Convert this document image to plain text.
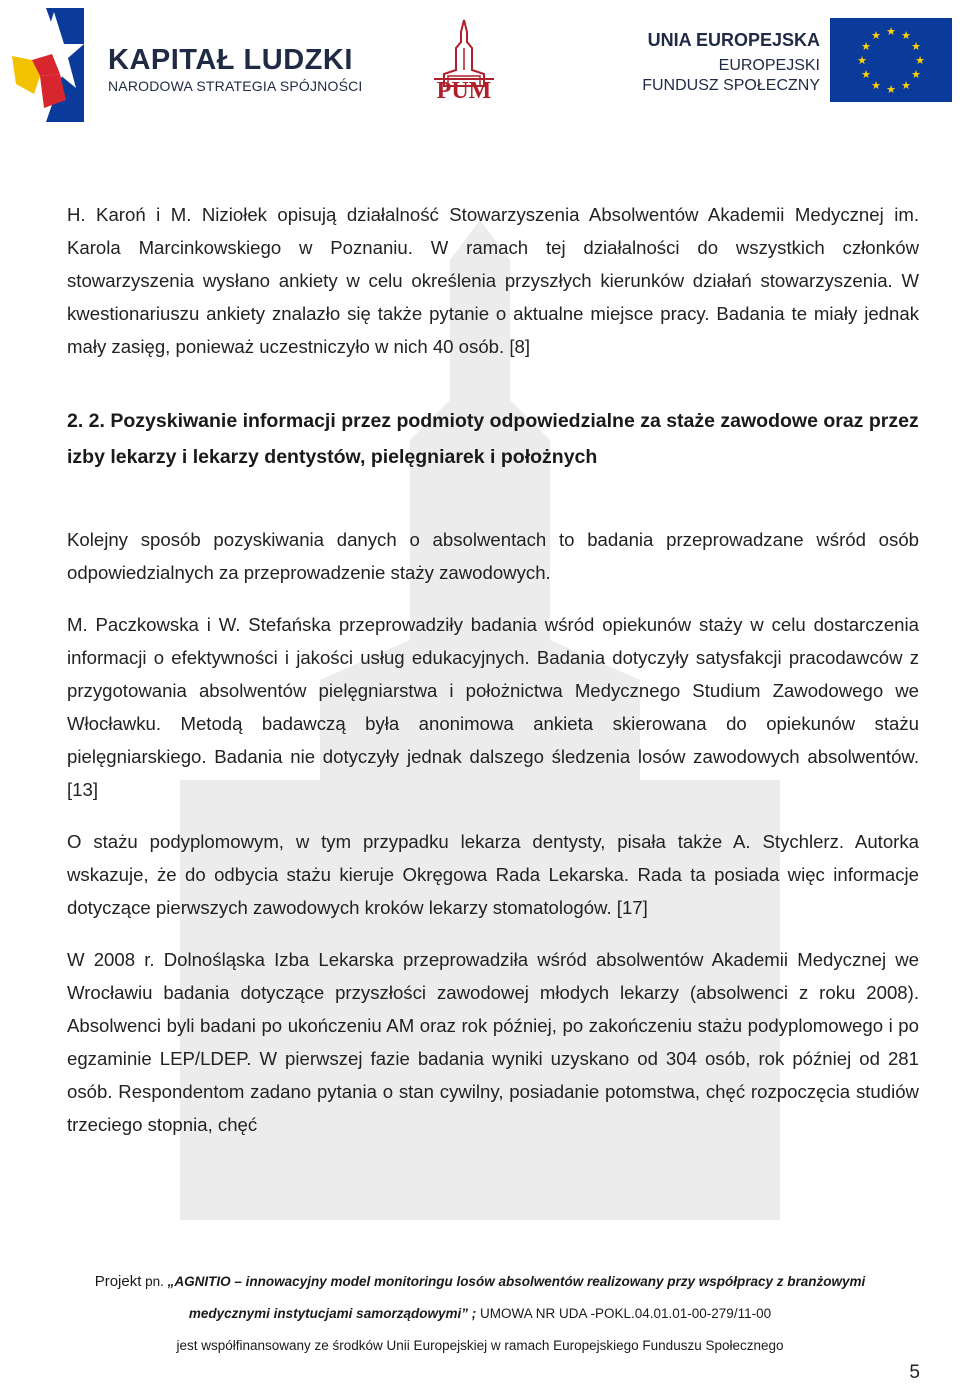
KAPITAŁ LUDZKI
NARODOWA STRATEGIA SPÓJNOŚCI	PUM
UNIA EUROPEJSKA
EUROPEJSKI
FUNDUSZ SPOŁECZNY
★ ★
★
★
★
★
★
★
★
★
★
★

H. Karoń i M. Niziołek opisują działalność Stowarzyszenia Absolwentów Akademii Medycznej im. Karola Marcinkowskiego w Poznaniu. W ramach tej działalności do wszystkich członków stowarzyszenia wysłano ankiety w celu określenia przyszłych kierunków działań stowarzyszenia. W kwestionariuszu ankiety znalazło się także pytanie o aktualne miejsce pracy. Badania te miały jednak mały zasięg, ponieważ uczestniczyło w nich 40 osób. [8]

2. 2. Pozyskiwanie informacji przez podmioty odpowiedzialne za staże zawodowe oraz przez izby lekarzy i lekarzy dentystów, pielęgniarek i położnych

Kolejny sposób pozyskiwania danych o absolwentach to badania przeprowadzane wśród osób odpowiedzialnych za przeprowadzenie staży zawodowych.

M. Paczkowska i W. Stefańska przeprowadziły badania wśród opiekunów staży w celu dostarczenia informacji o efektywności i jakości usług edukacyjnych. Badania dotyczyły satysfakcji pracodawców z przygotowania absolwentów pielęgniarstwa i położnictwa Medycznego Studium Zawodowego we Włocławku. Metodą badawczą była anonimowa ankieta skierowana do opiekunów stażu pielęgniarskiego. Badania nie dotyczyły jednak dalszego śledzenia losów zawodowych absolwentów. [13]

O stażu podyplomowym, w tym przypadku lekarza dentysty, pisała także A. Stychlerz. Autorka wskazuje, że do odbycia stażu kieruje Okręgowa Rada Lekarska. Rada ta posiada więc informacje dotyczące pierwszych zawodowych kroków lekarzy stomatologów. [17]

W 2008 r. Dolnośląska Izba Lekarska przeprowadziła wśród absolwentów Akademii Medycznej we Wrocławiu badania dotyczące przyszłości zawodowej młodych lekarzy (absolwenci z roku 2008). Absolwenci byli badani po ukończeniu AM oraz rok później, po zakończeniu stażu podyplomowego i po egzaminie LEP/LDEP. W pierwszej fazie badania wyniki uzyskano od 304 osób, rok później od 281 osób. Respondentom zadano pytania o stan cywilny, posiadanie potomstwa, chęć rozpoczęcia studiów trzeciego stopnia, chęć

Projekt pn. „AGNITIO – innowacyjny model monitoringu losów absolwentów realizowany przy współpracy z branżowymi
medycznymi instytucjami samorządowymi” ; UMOWA NR UDA -POKL.04.01.01-00-279/11-00
jest współfinansowany ze środków Unii Europejskiej w ramach Europejskiego Funduszu Społecznego
5
